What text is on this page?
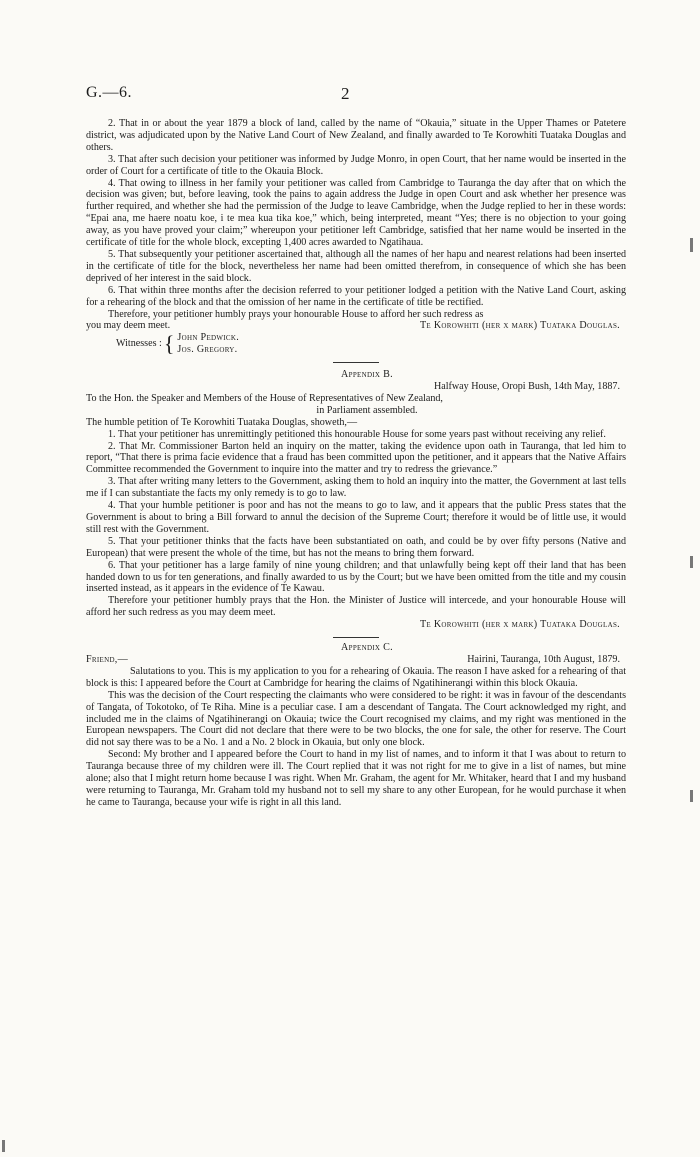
G.—6.	2

2. That in or about the year 1879 a block of land, called by the name of “Okauia,” situate in the Upper Thames or Patetere district, was adjudicated upon by the Native Land Court of New Zealand, and finally awarded to Te Korowhiti Tuataka Douglas and others.

3. That after such decision your petitioner was informed by Judge Monro, in open Court, that her name would be inserted in the order of Court for a certificate of title to the Okauia Block.

4. That owing to illness in her family your petitioner was called from Cambridge to Tauranga the day after that on which the decision was given; but, before leaving, took the pains to again address the Judge in open Court and ask whether her presence was further required, and whether she had the permission of the Judge to leave Cambridge, when the Judge replied to her in these words: “Epai ana, me haere noatu koe, i te mea kua tika koe,” which, being interpreted, meant “Yes; there is no objection to your going away, as you have proved your claim;” whereupon your petitioner left Cambridge, satisfied that her name would be inserted in the certificate of title for the whole block, excepting 1,400 acres awarded to Ngatihaua.

5. That subsequently your petitioner ascertained that, although all the names of her hapu and nearest relations had been inserted in the certificate of title for the block, nevertheless her name had been omitted therefrom, in consequence of which she has been deprived of her interest in the said block.

6. That within three months after the decision referred to your petitioner lodged a petition with the Native Land Court, asking for a rehearing of the block and that the omission of her name in the certificate of title be rectified.

Therefore, your petitioner humbly prays your honourable House to afford her such redress as

you may deem meet.	Te Korowhiti (her x mark) Tuataka Douglas.
Witnesses : { John Pedwick.
Jos. Gregory.

Appendix B.

Halfway House, Oropi Bush, 14th May, 1887.

To the Hon. the Speaker and Members of the House of Representatives of New Zealand,

in Parliament assembled.

The humble petition of Te Korowhiti Tuataka Douglas, showeth,—

1. That your petitioner has unremittingly petitioned this honourable House for some years past without receiving any relief.

2. That Mr. Commissioner Barton held an inquiry on the matter, taking the evidence upon oath in Tauranga, that led him to report, “That there is prima facie evidence that a fraud has been committed upon the petitioner, and it appears that the Native Affairs Committee recommended the Government to inquire into the matter and try to redress the grievance.”

3. That after writing many letters to the Government, asking them to hold an inquiry into the matter, the Government at last tells me if I can substantiate the facts my only remedy is to go to law.

4. That your humble petitioner is poor and has not the means to go to law, and it appears that the public Press states that the Government is about to bring a Bill forward to annul the decision of the Supreme Court; therefore it would be of little use, it would still rest with the Government.

5. That your petitioner thinks that the facts have been substantiated on oath, and could be by over fifty persons (Native and European) that were present the whole of the time, but has not the means to bring them forward.

6. That your petitioner has a large family of nine young children; and that unlawfully being kept off their land that has been handed down to us for ten generations, and finally awarded to us by the Court; but we have been omitted from the title and my cousin inserted instead, as it appears in the evidence of Te Kawau.

Therefore your petitioner humbly prays that the Hon. the Minister of Justice will intercede, and your honourable House will afford her such redress as you may deem meet.

Te Korowhiti (her x mark) Tuataka Douglas.

Appendix C.

Friend,—	Hairini, Tauranga, 10th August, 1879.

Salutations to you. This is my application to you for a rehearing of Okauia. The reason I have asked for a rehearing of that block is this: I appeared before the Court at Cambridge for hearing the claims of Ngatihinerangi within this block Okauia.

This was the decision of the Court respecting the claimants who were considered to be right: it was in favour of the descendants of Tangata, of Tokotoko, of Te Riha. Mine is a peculiar case. I am a descendant of Tangata. The Court acknowledged my right, and included me in the claims of Ngatihinerangi on Okauia; twice the Court recognised my claims, and my right was mentioned in the European newspapers. The Court did not declare that there were to be two blocks, the one for sale, the other for reserve. The Court did not say there was to be a No. 1 and a No. 2 block in Okauia, but only one block.

Second: My brother and I appeared before the Court to hand in my list of names, and to inform it that I was about to return to Tauranga because three of my children were ill. The Court replied that it was not right for me to give in a list of names, but mine alone; also that I might return home because I was right. When Mr. Graham, the agent for Mr. Whitaker, heard that I and my husband were returning to Tauranga, Mr. Graham told my husband not to sell my share to any other European, for he would purchase it when he came to Tauranga, because your wife is right in all this land.
